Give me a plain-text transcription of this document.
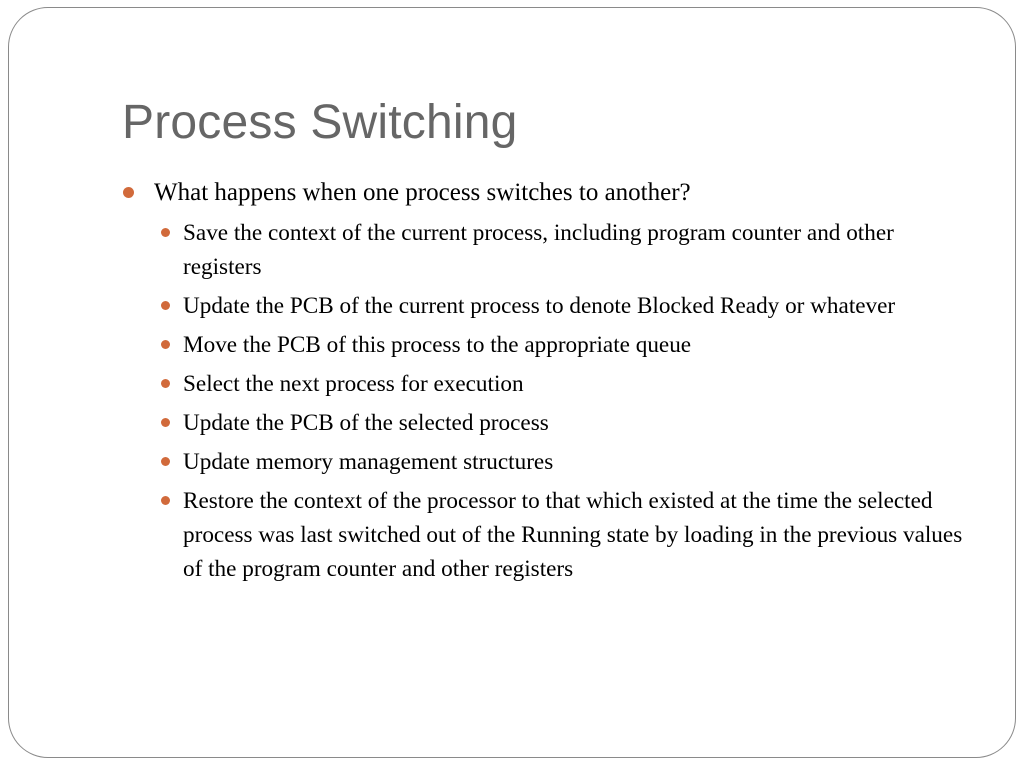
Process Switching
What happens when one process switches to another?
Save the context of the current process, including program counter and other registers
Update the PCB of the current process to denote Blocked Ready or whatever
Move the PCB of this process to the appropriate queue
Select the next process for execution
Update the PCB of the selected process
Update memory management structures
Restore the context of the processor to that which existed at the time the selected process was last switched out of the Running state by loading in the previous values of the program counter and other registers
